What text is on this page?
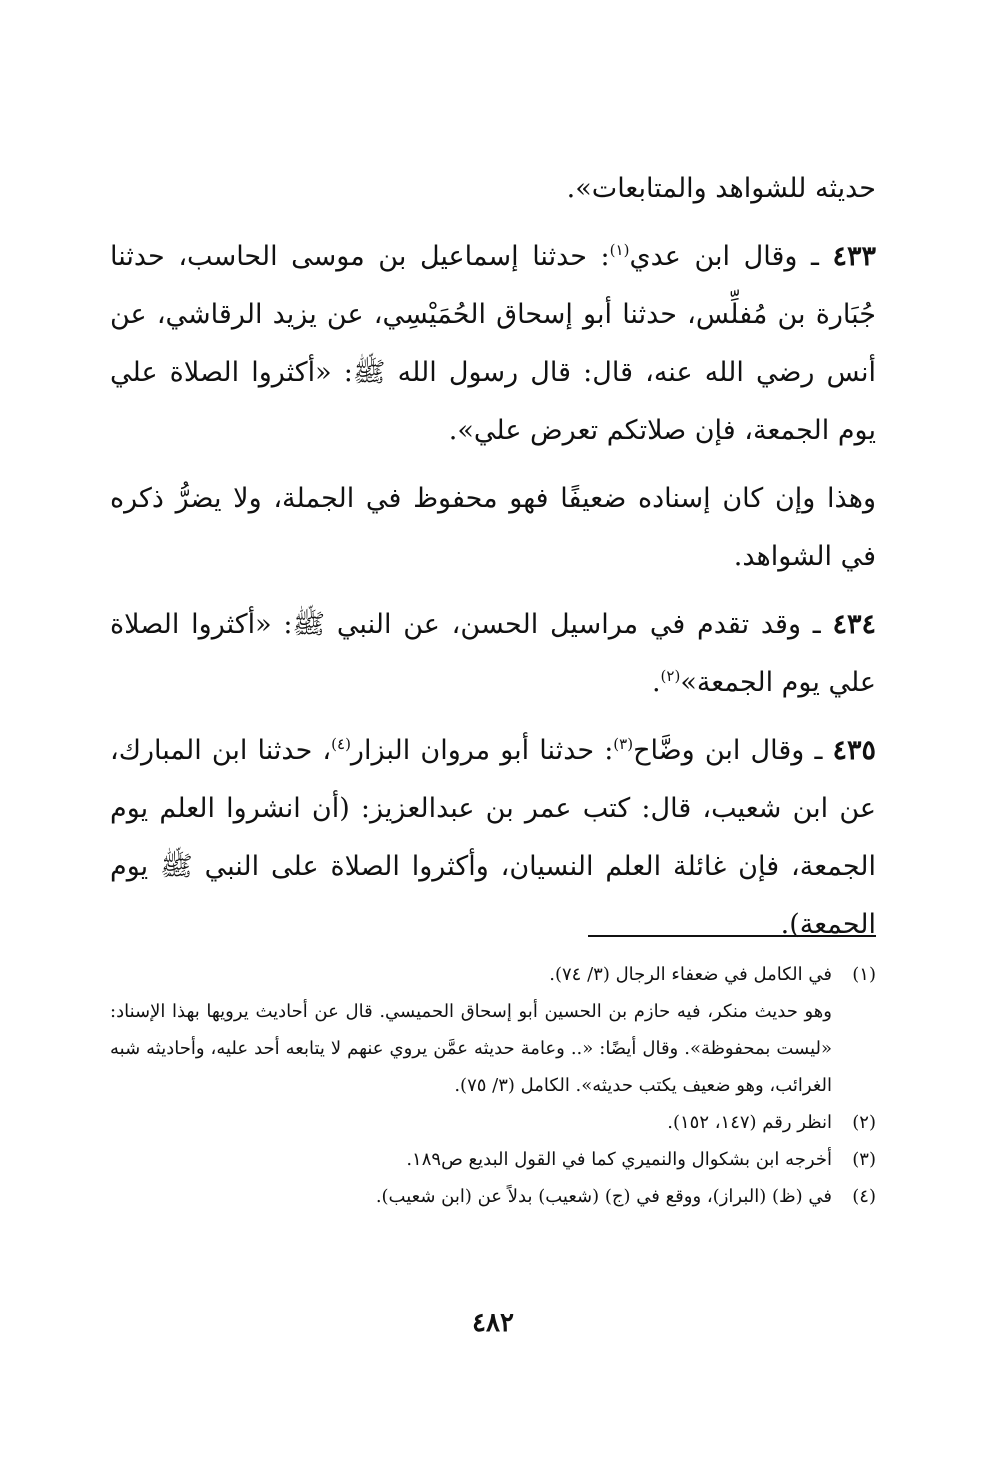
حديثه للشواهد والمتابعات».

٤٣٣ ـ وقال ابن عدي$^{(١)}$: حدثنا إسماعيل بن موسى الحاسب، حدثنا جُبَارة بن مُفلِّس، حدثنا أبو إسحاق الحُمَيْسِي، عن يزيد الرقاشي، عن أنس رضي الله عنه، قال: قال رسول الله ﷺ: «أكثروا الصلاة علي يوم الجمعة، فإن صلاتكم تعرض علي».

وهذا وإن كان إسناده ضعيفًا فهو محفوظ في الجملة، ولا يضرُّ ذكره في الشواهد.

٤٣٤ ـ وقد تقدم في مراسيل الحسن، عن النبي ﷺ: «أكثروا الصلاة علي يوم الجمعة»$^{(٢)}$.

٤٣٥ ـ وقال ابن وضَّاح$^{(٣)}$: حدثنا أبو مروان البزار$^{(٤)}$، حدثنا ابن المبارك، عن ابن شعيب، قال: كتب عمر بن عبدالعزيز: (أن انشروا العلم يوم الجمعة، فإن غائلة العلم النسيان، وأكثروا الصلاة على النبي ﷺ يوم الجمعة).

(١)
في الكامل في ضعفاء الرجال (٣/ ٧٤).
وهو حديث منكر، فيه حازم بن الحسين أبو إسحاق الحميسي. قال عن أحاديث يرويها بهذا الإسناد: «ليست بمحفوظة». وقال أيضًا: «.. وعامة حديثه عمَّن يروي عنهم لا يتابعه أحد عليه، وأحاديثه شبه الغرائب، وهو ضعيف يكتب حديثه». الكامل (٣/ ٧٥).
(٢)
انظر رقم (١٤٧، ١٥٢).
(٣)
أخرجه ابن بشكوال والنميري كما في القول البديع ص١٨٩.
(٤)
في (ظ) (البراز)، ووقع في (ج) (شعيب) بدلاً عن (ابن شعيب).
٤٨٢
